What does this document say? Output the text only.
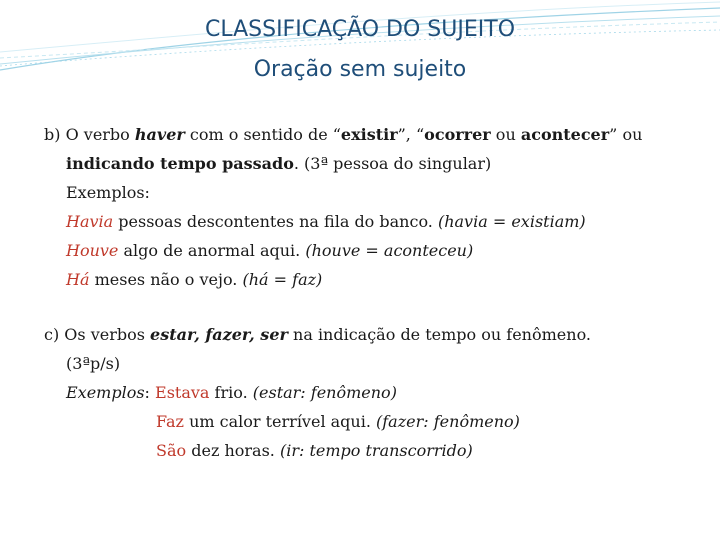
CLASSIFICAÇÃO DO SUJEITO
Oração sem sujeito
b) O verbo haver com o sentido de “existir”, “ocorrer ou acontecer” ou
indicando tempo passado. (3ª pessoa do singular)
Exemplos:
Havia pessoas descontentes na fila do banco. (havia = existiam)
Houve algo de anormal aqui. (houve = aconteceu)
Há meses não o vejo. (há = faz)
c) Os verbos estar, fazer, ser na indicação de tempo ou fenômeno.
(3ªp/s)
Exemplos: Estava frio. (estar: fenômeno)
Faz um calor terrível aqui. (fazer: fenômeno)
São dez horas. (ir: tempo transcorrido)
